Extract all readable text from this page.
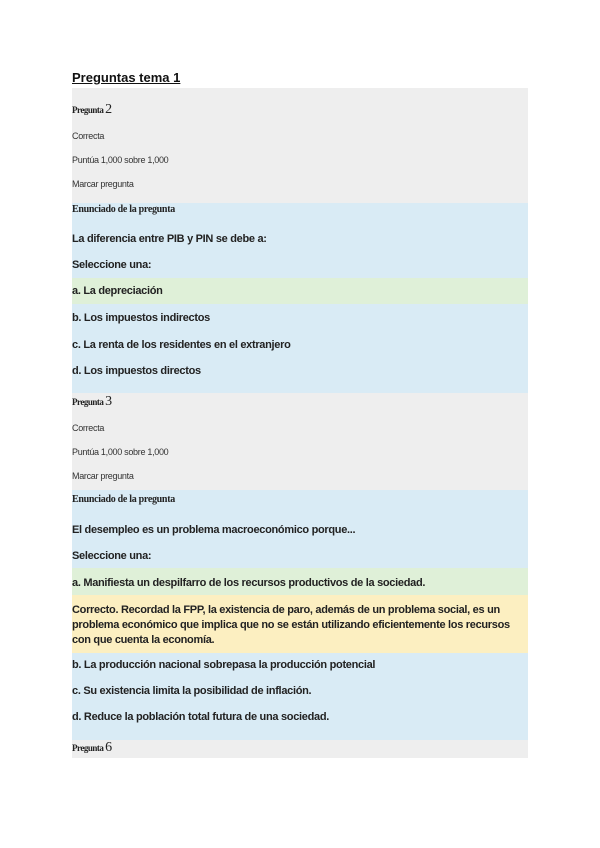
Preguntas tema 1
Pregunta 2
Correcta
Puntúa 1,000 sobre 1,000
Marcar pregunta
Enunciado de la pregunta
La diferencia entre PIB y PIN se debe a:
Seleccione una:
a. La depreciación
b. Los impuestos indirectos
c. La renta de los residentes en el extranjero
d. Los impuestos directos
Pregunta 3
Correcta
Puntúa 1,000 sobre 1,000
Marcar pregunta
Enunciado de la pregunta
El desempleo es un problema macroeconómico porque...
Seleccione una:
a. Manifiesta un despilfarro de los recursos productivos de la sociedad.
Correcto. Recordad la FPP, la existencia de paro, además de un problema social, es un problema económico que implica que no se están utilizando eficientemente los recursos con que cuenta la economía.
b. La producción nacional sobrepasa la producción potencial
c. Su existencia limita la posibilidad de inflación.
d. Reduce la población total futura de una sociedad.
Pregunta 6
